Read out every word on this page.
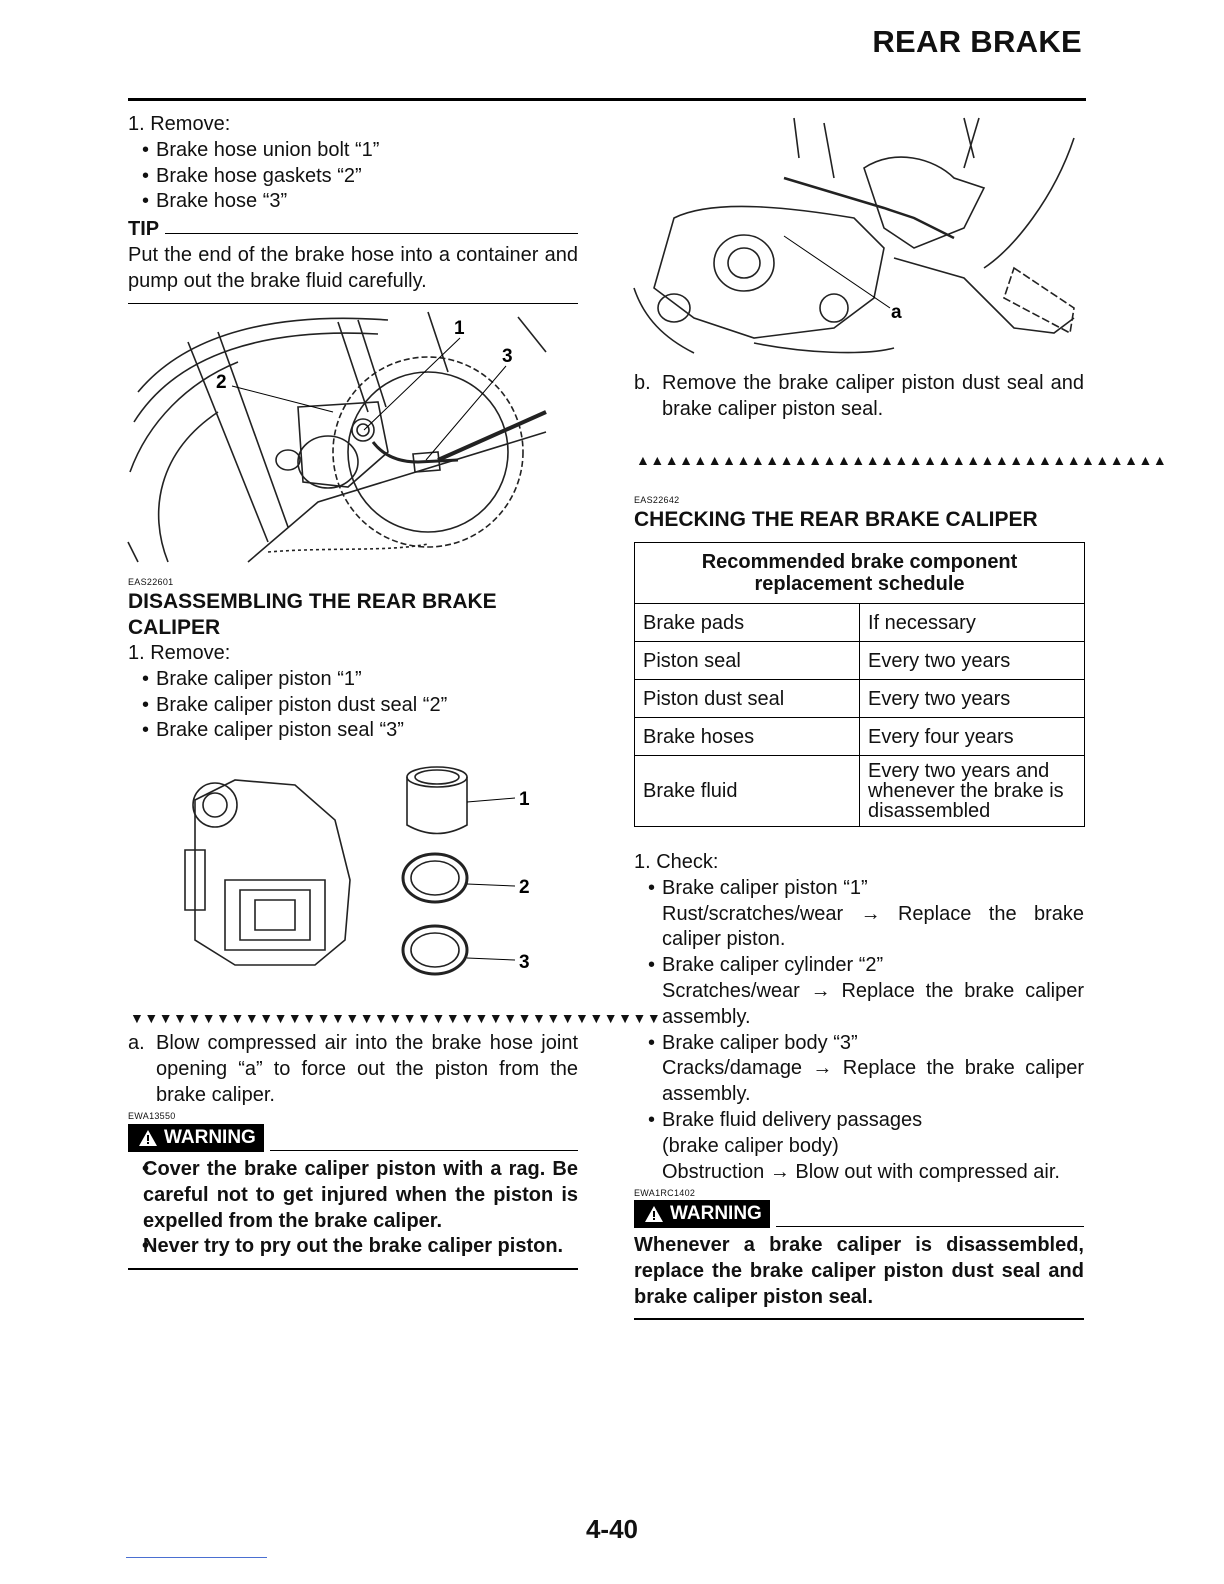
REAR BRAKE
1. Remove:
• Brake hose union bolt “1”
• Brake hose gaskets “2”
• Brake hose “3”
TIP
Put the end of the brake hose into a container and pump out the brake fluid carefully.
1
2
3
EAS22601
DISASSEMBLING THE REAR BRAKE
CALIPER
1. Remove:
• Brake caliper piston “1”
• Brake caliper piston dust seal “2”
• Brake caliper piston seal “3”
1
2
3
▼▼▼▼▼▼▼▼▼▼▼▼▼▼▼▼▼▼▼▼▼▼▼▼▼▼▼▼▼▼▼▼▼▼▼▼▼
a. Blow compressed air into the brake hose joint opening “a” to force out the piston from the brake caliper.
EWA13550
WARNING
• Cover the brake caliper piston with a rag. Be careful not to get injured when the piston is expelled from the brake caliper.
• Never try to pry out the brake caliper piston.
a
b. Remove the brake caliper piston dust seal and brake caliper piston seal.
▲▲▲▲▲▲▲▲▲▲▲▲▲▲▲▲▲▲▲▲▲▲▲▲▲▲▲▲▲▲▲▲▲▲▲▲▲
EAS22642
CHECKING THE REAR BRAKE CALIPER
Recommended brake component replacement schedule	
Brake pads	If necessary
Piston seal	Every two years
Piston dust seal	Every two years
Brake hoses	Every four years
Brake fluid	Every two years and whenever the brake is disassembled
1. Check:
• Brake caliper piston “1”
Rust/scratches/wear → Replace the brake caliper piston.
• Brake caliper cylinder “2”
Scratches/wear → Replace the brake caliper assembly.
• Brake caliper body “3”
Cracks/damage → Replace the brake caliper assembly.
• Brake fluid delivery passages
(brake caliper body)
Obstruction → Blow out with compressed air.
EWA1RC1402
WARNING
Whenever a brake caliper is disassembled, replace the brake caliper piston dust seal and brake caliper piston seal.
4-40
